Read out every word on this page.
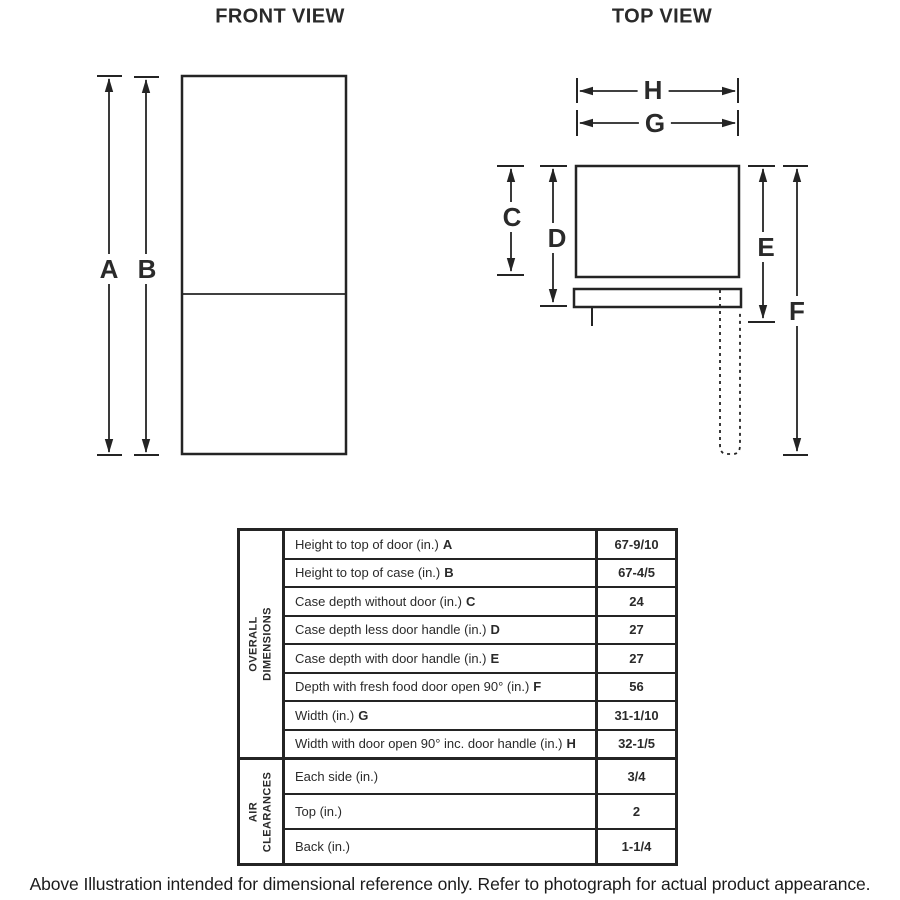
FRONT VIEW	TOP VIEW
A B
C
D	E
F
G
H
OVERALL DIMENSIONS
Height to top of door (in.) A	67-9/10
Height to top of case (in.) B	67-4/5
Case depth without door (in.) C	24
Case depth less door handle (in.) D	27
Case depth with door handle (in.) E	27
Depth with fresh food door open 90° (in.) F	56
Width (in.) G	31-1/10
Width with door open 90° inc. door handle (in.) H	32-1/5
AIR CLEARANCES Each side (in.)	3/4
Top (in.)	2
Back (in.)	1-1/4
Above Illustration intended for dimensional reference only. Refer to photograph for actual product appearance.
